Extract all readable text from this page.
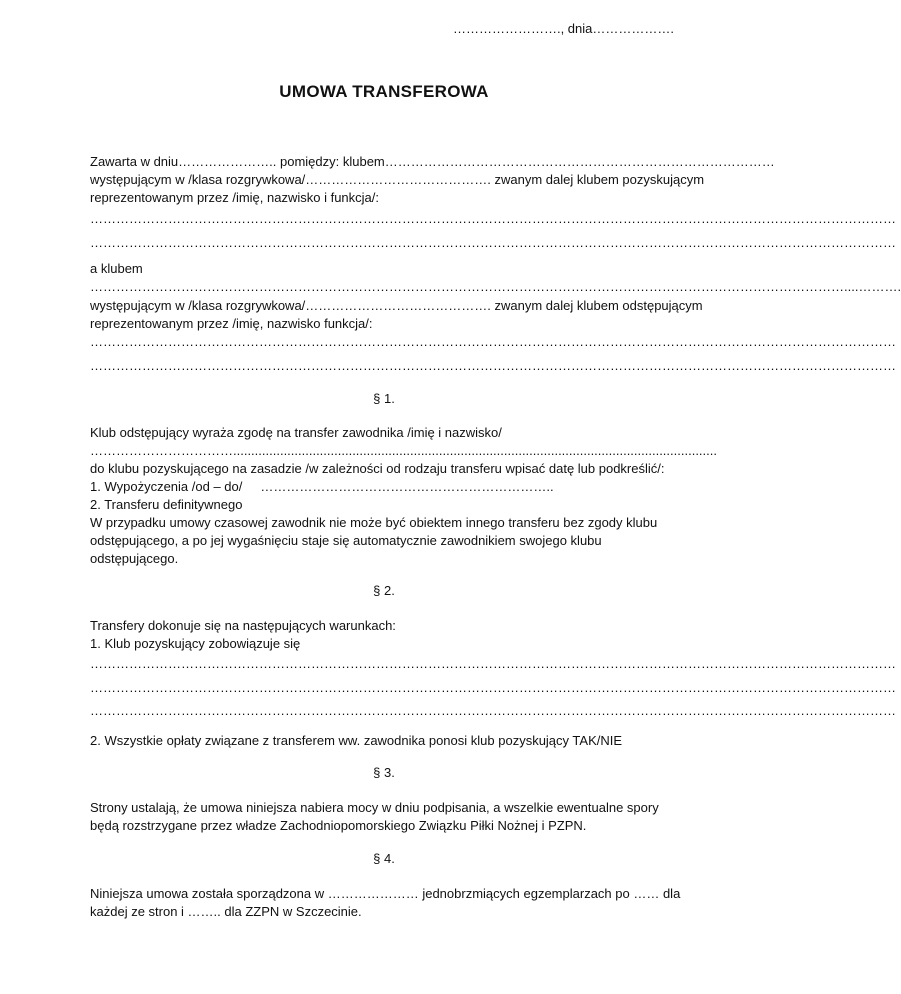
……………………., dnia……………….
UMOWA TRANSFEROWA
Zawarta w dniu………………….. pomiędzy: klubem………………………………………………………………………………
występującym w /klasa rozgrywkowa/……………………………………. zwanym dalej klubem pozyskującym
reprezentowanym przez /imię, nazwisko i funkcja/:
……………………………………………………………………………………………………………………………………………………………………
……………………………………………………………………………………………………………………………………………………………………
a klubem
…………………………………………………………………………………………………………………………………………………………....……….
występującym w /klasa rozgrywkowa/……………………………………. zwanym dalej klubem odstępującym
reprezentowanym przez /imię, nazwisko funkcja/:
……………………………………………………………………………………………………………………………………………………………………
……………………………………………………………………………………………………………………………………………………………………
§ 1.
Klub odstępujący wyraża zgodę na transfer zawodnika /imię i nazwisko/
……………………………......................................................................................................................................
do klubu pozyskującego na zasadzie /w zależności od rodzaju transferu wpisać datę lub podkreślić/:
1. Wypożyczenia /od – do/ …………………………………………………………..
2. Transferu definitywnego
W przypadku umowy czasowej zawodnik nie może być obiektem innego transferu bez zgody klubu
odstępującego, a po jej wygaśnięciu staje się automatycznie zawodnikiem swojego klubu
odstępującego.
§ 2.
Transfery dokonuje się na następujących warunkach:
1. Klub pozyskujący zobowiązuje się
……………………………………………………………………………………………………………………………………………………………………
……………………………………………………………………………………………………………………………………………………………………
……………………………………………………………………………………………………………………………………………………………………
2. Wszystkie opłaty związane z transferem ww. zawodnika ponosi klub pozyskujący TAK/NIE
§ 3.
Strony ustalają, że umowa niniejsza nabiera mocy w dniu podpisania, a wszelkie ewentualne spory
będą rozstrzygane przez władze Zachodniopomorskiego Związku Piłki Nożnej i PZPN.
§ 4.
Niniejsza umowa została sporządzona w ………………… jednobrzmiących egzemplarzach po …… dla
każdej ze stron i …….. dla ZZPN w Szczecinie.
